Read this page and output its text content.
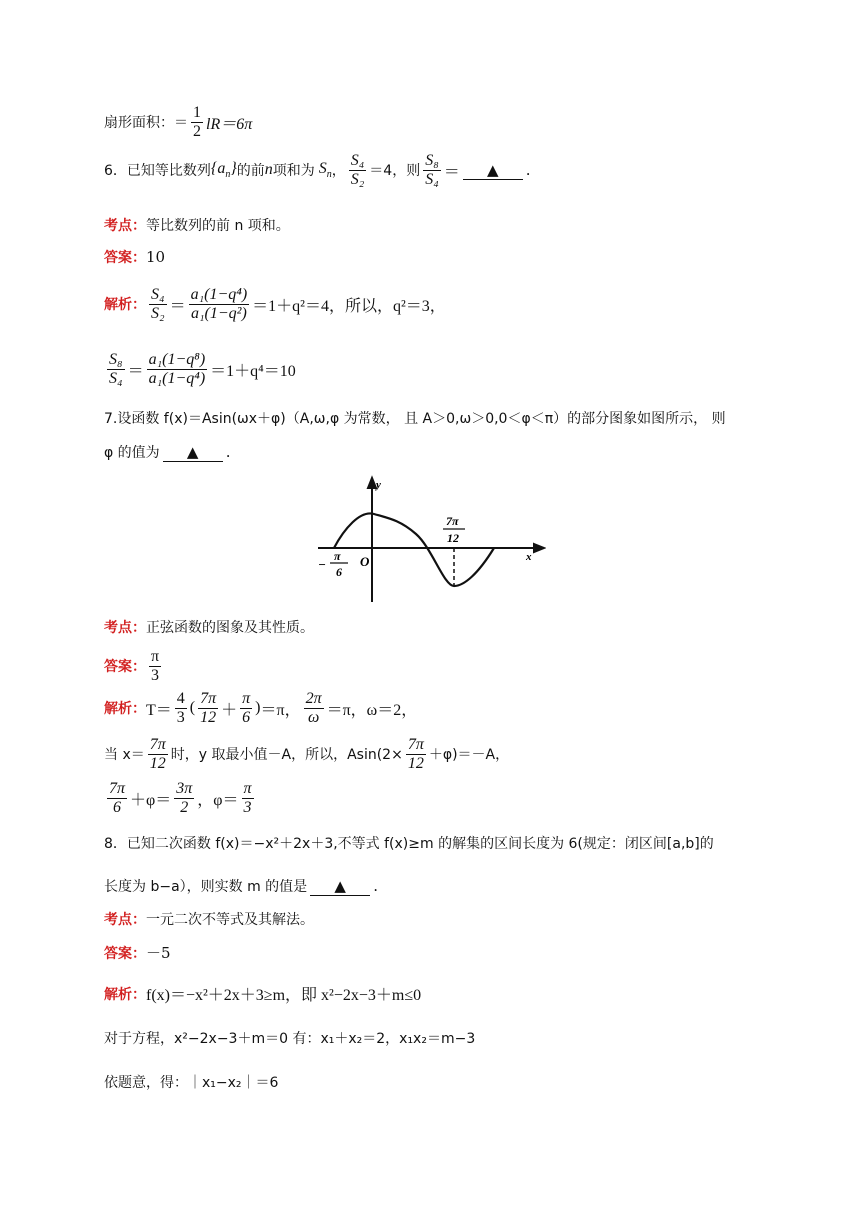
扇形面积：＝ $\frac{1}{2} lR=6\pi$
6．已知等比数列 $\{a_n\}$ 的前 n 项和为 $S_n$ ， $\frac{\text{S₄}}{\text{S₂}} =4$，则 $\frac{\text{S₈}}{\text{S₄}}$ ＝	▲	.
考点： 等比数列的前 n 项和。
答案： 10
解析： $\frac{\text{S₄}}{\text{S₂}} = \frac{\text{a₁(1−q⁴)}}{\text{a₁(1−q²)}} =1+q^2=4$，所以，q²＝3，
$\frac{\text{S₈}}{\text{S₄}} = \frac{\text{a₁(1−q⁸)}}{\text{a₁(1−q⁴)}} =1+q^4=10$
7.设函数 f(x)＝Asin(ωx＋φ)（A,ω,φ 为常数， 且 A＞0,ω＞0,0＜φ＜π）的部分图象如图所示， 则
φ 的值为	▲	.
y
x
O
−
π
6
7π
12
考点： 正弦函数的图象及其性质。
答案： $\frac{\pi}{3}$
解析： $T= \frac{4}{3}$ ( $\frac{7\pi}{12} + \frac{\pi}{6}$ ) ＝π， $\frac{2\pi}{\omega} =\pi$，ω＝2，
当 $x= \frac{7\pi}{12}$ 时，y 取最小值－A，所以，$Asin(2\times \frac{7\pi}{12} +\varphi)=-A$，
$\frac{7\pi}{6} +\varphi= \frac{3\pi}{2}$ ，$\varphi= \frac{\pi}{3}$
8．已知二次函数 f(x)＝−x²＋2x＋3,不等式 f(x)≥m 的解集的区间长度为 6(规定：闭区间[a,b]的
长度为 b−a），则实数 m 的值是	▲	.
考点： 一元二次不等式及其解法。
答案： －5
解析： f(x)＝−x²＋2x＋3≥m，即 x²−2x−3＋m≤0
对于方程，x²−2x−3＋m＝0 有：x₁＋x₂＝2，x₁x₂＝m−3
依题意，得：｜x₁−x₂｜＝6
